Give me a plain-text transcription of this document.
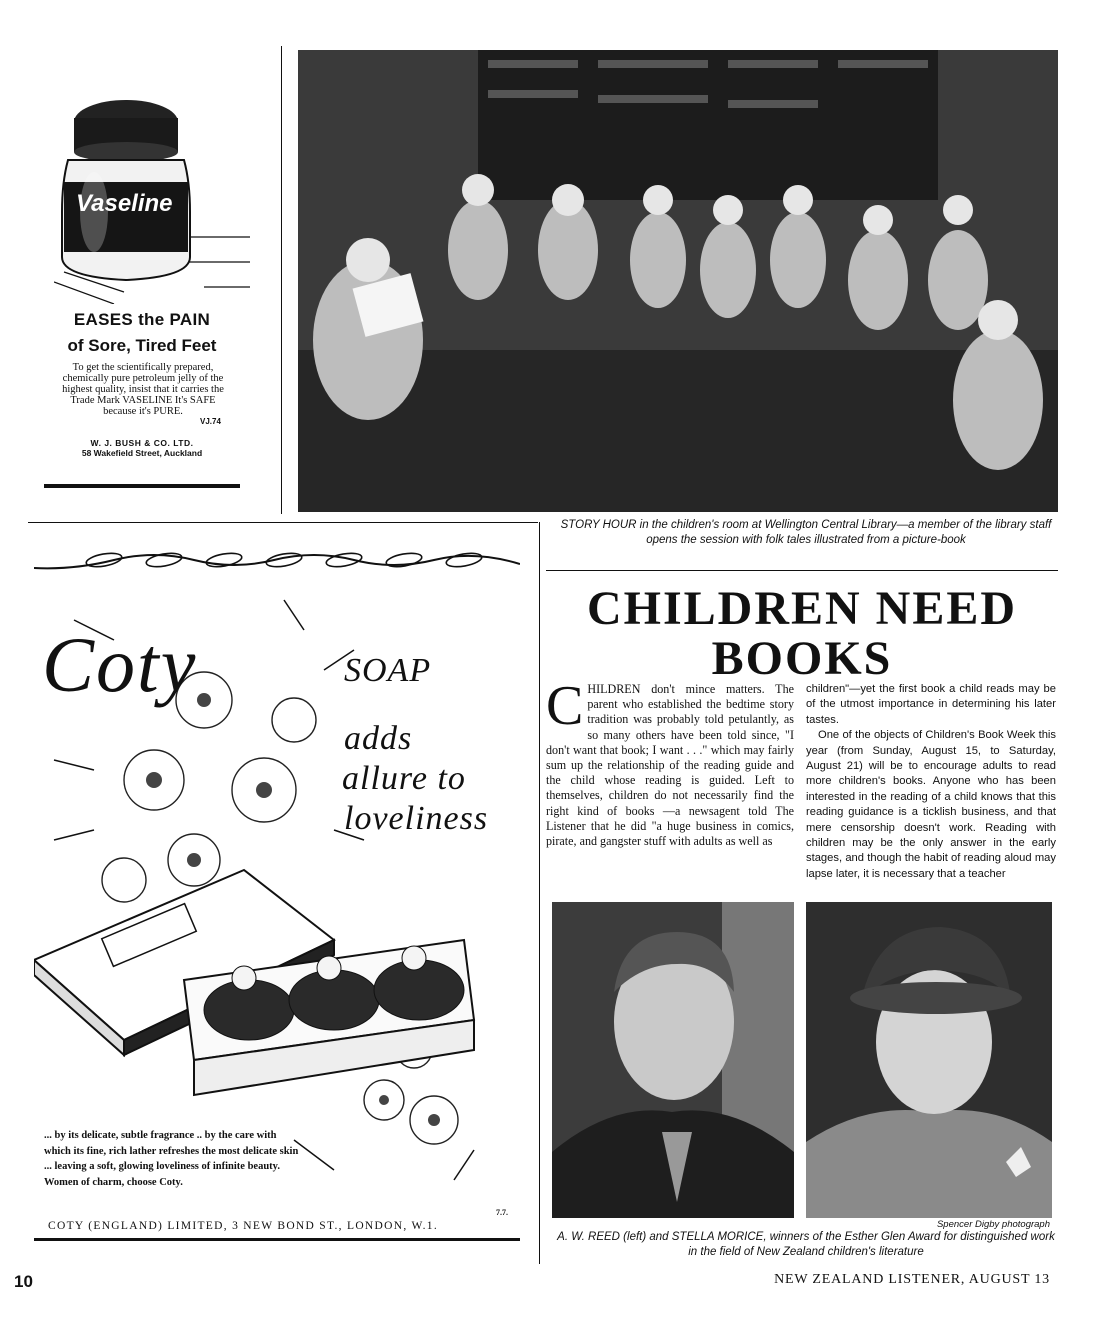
Vaseline
EASES the PAIN
of Sore, Tired Feet
To get the scientifically prepared, chemically pure petroleum jelly of the highest quality, insist that it carries the Trade Mark VASELINE It's SAFE because it's PURE.
VJ.74
W. J. BUSH & CO. LTD.
58 Wakefield Street, Auckland
STORY HOUR in the children's room at Wellington Central Library—a member of the library staff opens the session with folk tales illustrated from a picture-book
Coty	SOAP
adds
allure to
loveliness
... by its delicate, subtle fragrance .. by the care with which its fine, rich lather refreshes the most delicate skin ... leaving a soft, glowing loveliness of infinite beauty. Women of charm, choose Coty.
7.7.
COTY (ENGLAND) LIMITED, 3 NEW BOND ST., LONDON, W.1.
CHILDREN NEED BOOKS
CHILDREN don't mince matters. The parent who established the bedtime story tradition was probably told petulantly, as so many others have been told since, "I don't want that book; I want . . ." which may fairly sum up the relationship of the reading guide and the child whose reading is guided. Left to themselves, children do not necessarily find the right kind of books —a newsagent told The Listener that he did "a huge business in comics, pirate, and gangster stuff with adults as well as

children"—yet the first book a child reads may be of the utmost importance in determining his later tastes.

One of the objects of Children's Book Week this year (from Sunday, August 15, to Saturday, August 21) will be to encourage adults to read more children's books. Anyone who has been interested in the reading of a child knows that this reading guidance is a ticklish business, and that mere censorship doesn't work. Reading with children may be the only answer in the early stages, and though the habit of reading aloud may lapse later, it is necessary that a teacher

Spencer Digby photograph
A. W. REED (left) and STELLA MORICE, winners of the Esther Glen Award for distinguished work in the field of New Zealand children's literature
10	NEW ZEALAND LISTENER, AUGUST 13
